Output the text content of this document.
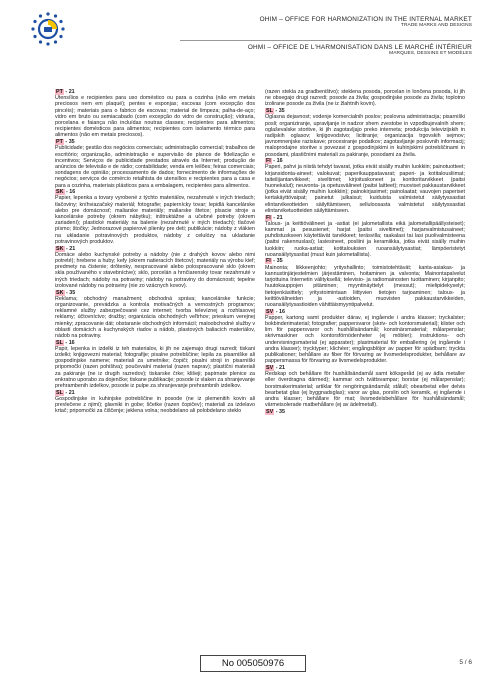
OHIM – OFFICE FOR HARMONIZATION IN THE INTERNAL MARKET
TRADE MARKS AND DESIGNS
OHMI – OFFICE DE L'HARMONISATION DANS LE MARCHÉ INTÉRIEUR
MARQUES, DESSINS ET MODÈLES

PT - 21

Utensílios e recipientes para uso doméstico ou para a cozinha (não em metais preciosos nem em plaqué); pentes e esponjas; escovas (com excepção dos pincéis); materiais para o fabrico de escovas; material de limpeza; palha-de-aço; vidro em bruto ou semiacabado (com excepção do vidro de construção); vidraria, porcelana e faiança não incluídas noutras classes; recipientes para alimentos; recipientes domésticos para alimentos; recipientes com isolamento térmico para alimentos (não em metais preciosos).

PT - 35

Publicidade; gestão dos negócios comerciais; administração comercial; trabalhos de escritório; organização, administração e supervisão de planos de fidelização e incentivos; Serviços de publicidade prestados através da Internet; produção de anúncios de televisão e de rádio; contabilidade; venda em leilões; feiras comerciais; sondagens de opinião; processamento de dados; fornecimento de informações de negócios; serviços de comércio retalhista de utensílios e recipientes para a casa e para a cozinha, materiais plásticos para a embalagem, recipientes para alimentos.

SK - 16

Papier, lepenka a tovary vyrobené z týchto materiálov, nezahrnuté v iných triedach; tlačoviny; kníhviazačský materiál; fotografie; papiernícky tovar; lepidlá kancelárske alebo pre domácnosť; maliarske materiály; maliarske štetce; písacie stroje a kancelárske potreby (okrem nábytku); inštruktážne a učebné potreby (okrem zariadení); plastické materiály na balenie (nezahrnuté v iných triedach); tlačové písmo; štočky; Jednorazové papierové plienky pre deti; publikácie; nádoby z vlákien na ukladanie potravinových produktov, nádoby z celulózy na ukladanie potravinových produktov.

SK - 21

Domáce alebo kuchynské potreby a nádoby (nie z drahých kovov alebo nimi potreté); hrebene a huby; kefy (okrem natieracích štetcov); materiály na výrobu kief; predmety na čistenie; drôtenky, nespracované alebo polospracované sklo (okrem skla používaného v stavebníctve); sklo, porcelán a hrnčiarensky tovar nezahrnuté v iných triedach; nádoby na potraviny; nádoby na potraviny do domácnosti; tepelne izolované nádoby na potraviny (nie zo vzácnych kovov).

SK - 35

Reklama; obchodný manažment; obchodná správa; kancelárske funkcie; organizovanie, prevádzka a kontrola motivačných a vernostných programov; reklamné služby zabezpečované cez internet; tvorba televíznej a rozhlasovej reklamy; účtovníctvo; dražby; organizácia obchodných veľtrhov; prieskum verejnej mienky; zpracovanie dát; obstaranie obchodných informácií; maloobchodné služby v oblasti domácich a kuchynských riadov a nádob, plastových baliacich materiálov, nádob na potraviny.

SL - 16

Papir, lepenka in izdelki iz teh materialov, ki jih ne zajemajo drugi razredi; tiskani izdelki; knjigovezni material; fotografije; pisalne potrebščine; lepila za pisarniške ali gospodinjske namene; materiali za umetnike; čopiči; pisalni stroji in pisarniški pripomočki (razen pohištva); poučevalni material (razen naprav); plastični materiali za pakiranje (ne iz drugih razredov); tiskarske črke; klišeji; papirnate plenice za enkratno uporabo za dojenčke; tiskane publikacije; posode iz vlaken za shranjevanje prehrambenih izdelkov, posode iz pulpe za shranjevanje prehrambnih izdelkov.

SL - 21

Gospodinjske in kuhinjske potrebščine in posode (ne iz plemenitih kovin ali prevlečene z njimi); glavniki in gobe; ščetke (razen čopičev); materiali za izdelavo krtač; pripomočki za čiščenje; jeklena volna; neobdelano ali polobdelano steklo

(razen stekla za gradbeništvo); steklena posoda, porcelan in lončena posoda, ki jih ne obsegajo drugi razredi; posode za živila; gospodinjske posode za živila; toplotno izolirane posode za živila (ne iz žlahtnih kovin).

SL - 35

Oglasna dejavnost; vodenje komercialnih poslov; poslovna administracija; pisarniški posli; organiziranje, upravljanje in nadzor shem zvestobe in vzpodbujevalnih shem; oglaševalske storitve, ki jih zagotavljajo preko interneta; produkcija televizijskih in radijskih oglasov; knjigovodstvo; licitiranje; organizacija trgovskih sejmov; javnomnenjske raziskave; procesiranje podatkov; zagotavljanje poslovnih informacij; maloprodajne storitve s povezavi z gospodinjskimi in kuhinjskimi potrebščinami in posodami, plastičnimi materiali za pakiranje, posodami za živila.

FI - 16

Paperi, pahvi ja niistä tehdyt tavarat, jotka eivät sisälly muihin luokkiin; painotuotteet; kirjansidonta-aineet; valokuvat; paperikauppatavarat; paperi- ja kotitalousliimat; taiteilijantarvikkeet; siveltimet; kirjoituskoneet ja konttoritarvikkeet (paitsi huonekalut); neuvonta- ja opetusvälineet (paitsi laitteet); muoviset pakkaustarvikkeet (jotka eivät sisälly muihin luokkiin); painokirjasimet; painolaatat; vauvojen paperiset kertakäyttövaipat; painetut julkaisut; kuiduista valmistetut säilytyssastiat elintarvikeotteiden säilyttämiseen, selluloosasta valmistetut säilytyssastiat elintarviketuotteiden säilyttämiseen.

FI - 21

Talous- ja keittiövälineet ja -astiat (ei jalometallista eikä jalometallipäällysteiset); kammat ja pesusienet; harjat (paitsi siveltimet); harjanvalmistusaineet; puhdistuskseen käytettävät tarvikkeet; teräsvilla; raakalasi tai lasi puolivalmisteena (paitsi rakennuslasi); lasiesineet, posliini ja keramiikka, jotka eivät sisälly muihin luokkiin; ruoka-astiat; kotitalouksien ruoansäilytysastiat; lämpöeristetyt ruoansäilytysastiat (muut kuin jalometallista).

FI - 35

Mainonta; liikkeenjohto; yrityshallinto; toimistotehtävät; kanta-asiakas- ja kannustinjärjestelmien järjestäminen, hoitaminen ja valvonta; Mainontapalvelut tarjottuina Internetin välityksellä; televisio- ja radiomainosten tuottaminen; kirjanpito; huutokauppojen pitäminen; myyntinäyttelyt (messut); mielipidekyselyt; tietojenkäsittely; yritystoimintaan liittyvien tietojen tarjoaminen; talous- ja keittiövälineiden ja -astioiden, muovisten pakkaustarvikkeiden, ruoansäilytysastioiden vähittäismyyntipalvelut.

SV - 16

Papper, kartong samt produkter därav, ej ingående i andra klasser; tryckalster; bokbinderimaterial; fotografier; pappersvaror (skriv- och kontorsmaterial); klister och lim för pappersvaror och hushållsändamål; konstnärsmaterial; målarpenslar; skrivmaskiner och kontorsförnödenheter (ej möbler); instruktions- och undervisningsmaterial (ej apparater); plastmaterial för emballering (ej ingående i andra klasser); trycktyper; klichéer; engångsblöjor av papper för spädbarn; tryckta publikationer; behållare av fiber för förvaring av livsmedelsprodukter, behållare av pappersmassa för förvaring av livsmedelsprodukter.

SV - 21

Redskap och behållare för hushållsändamål samt köksgeråd (ej av ädla metaller eller överdragna därmed); kammar och tvättsvampar; borstar (ej målarpenslar); borstmakerimaterial; artiklar för rengöringsändamål; stålull; obearbetat eller delvis bearbetat glas (ej byggnadsglas); varor av glas, porslin och keramik, ej ingående i andra klasser; behållare för mat; livsmedelsbehållare för hushållsändamål; värmeisolerade matbehållare (ej av ädelmetall).

SV - 35

No 005050976	5 / 6
